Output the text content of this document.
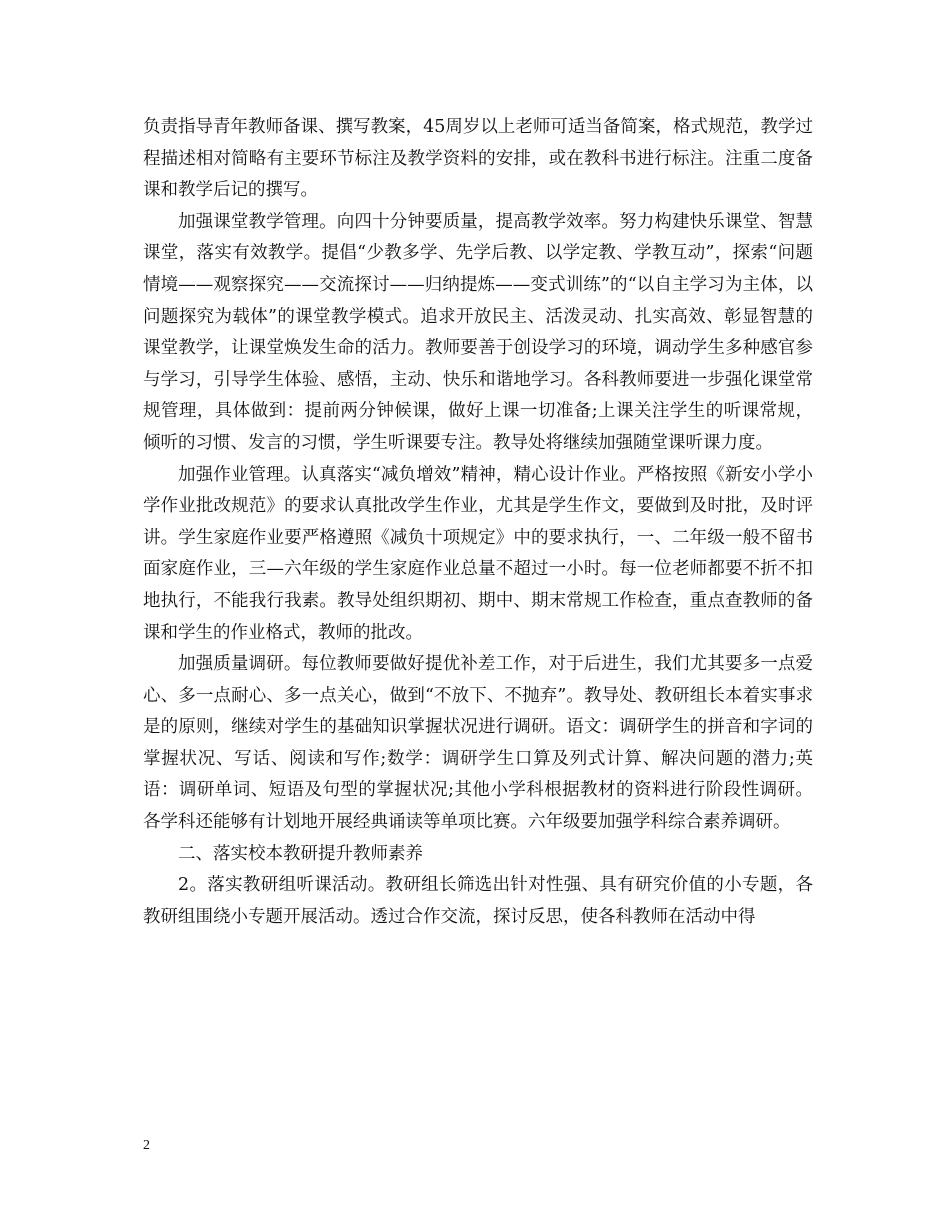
负责指导青年教师备课、撰写教案，45周岁以上老师可适当备简案，格式规范，教学过程描述相对简略有主要环节标注及教学资料的安排，或在教科书进行标注。注重二度备课和教学后记的撰写。

加强课堂教学管理。向四十分钟要质量，提高教学效率。努力构建快乐课堂、智慧课堂，落实有效教学。提倡“少教多学、先学后教、以学定教、学教互动”，探索“问题情境——观察探究——交流探讨——归纳提炼——变式训练”的“以自主学习为主体，以问题探究为载体”的课堂教学模式。追求开放民主、活泼灵动、扎实高效、彰显智慧的课堂教学，让课堂焕发生命的活力。教师要善于创设学习的环境，调动学生多种感官参与学习，引导学生体验、感悟，主动、快乐和谐地学习。各科教师要进一步强化课堂常规管理，具体做到：提前两分钟候课，做好上课一切准备;上课关注学生的听课常规，倾听的习惯、发言的习惯，学生听课要专注。教导处将继续加强随堂课听课力度。

加强作业管理。认真落实“减负增效”精神，精心设计作业。严格按照《新安小学小学作业批改规范》的要求认真批改学生作业，尤其是学生作文，要做到及时批，及时评讲。学生家庭作业要严格遵照《减负十项规定》中的要求执行，一、二年级一般不留书面家庭作业，三—六年级的学生家庭作业总量不超过一小时。每一位老师都要不折不扣地执行，不能我行我素。教导处组织期初、期中、期末常规工作检查，重点查教师的备课和学生的作业格式，教师的批改。

加强质量调研。每位教师要做好提优补差工作，对于后进生，我们尤其要多一点爱心、多一点耐心、多一点关心，做到“不放下、不抛弃”。教导处、教研组长本着实事求是的原则，继续对学生的基础知识掌握状况进行调研。语文：调研学生的拼音和字词的掌握状况、写话、阅读和写作;数学：调研学生口算及列式计算、解决问题的潜力;英语：调研单词、短语及句型的掌握状况;其他小学科根据教材的资料进行阶段性调研。各学科还能够有计划地开展经典诵读等单项比赛。六年级要加强学科综合素养调研。

二、落实校本教研提升教师素养

2。落实教研组听课活动。教研组长筛选出针对性强、具有研究价值的小专题，各教研组围绕小专题开展活动。透过合作交流，探讨反思，使各科教师在活动中得

2
